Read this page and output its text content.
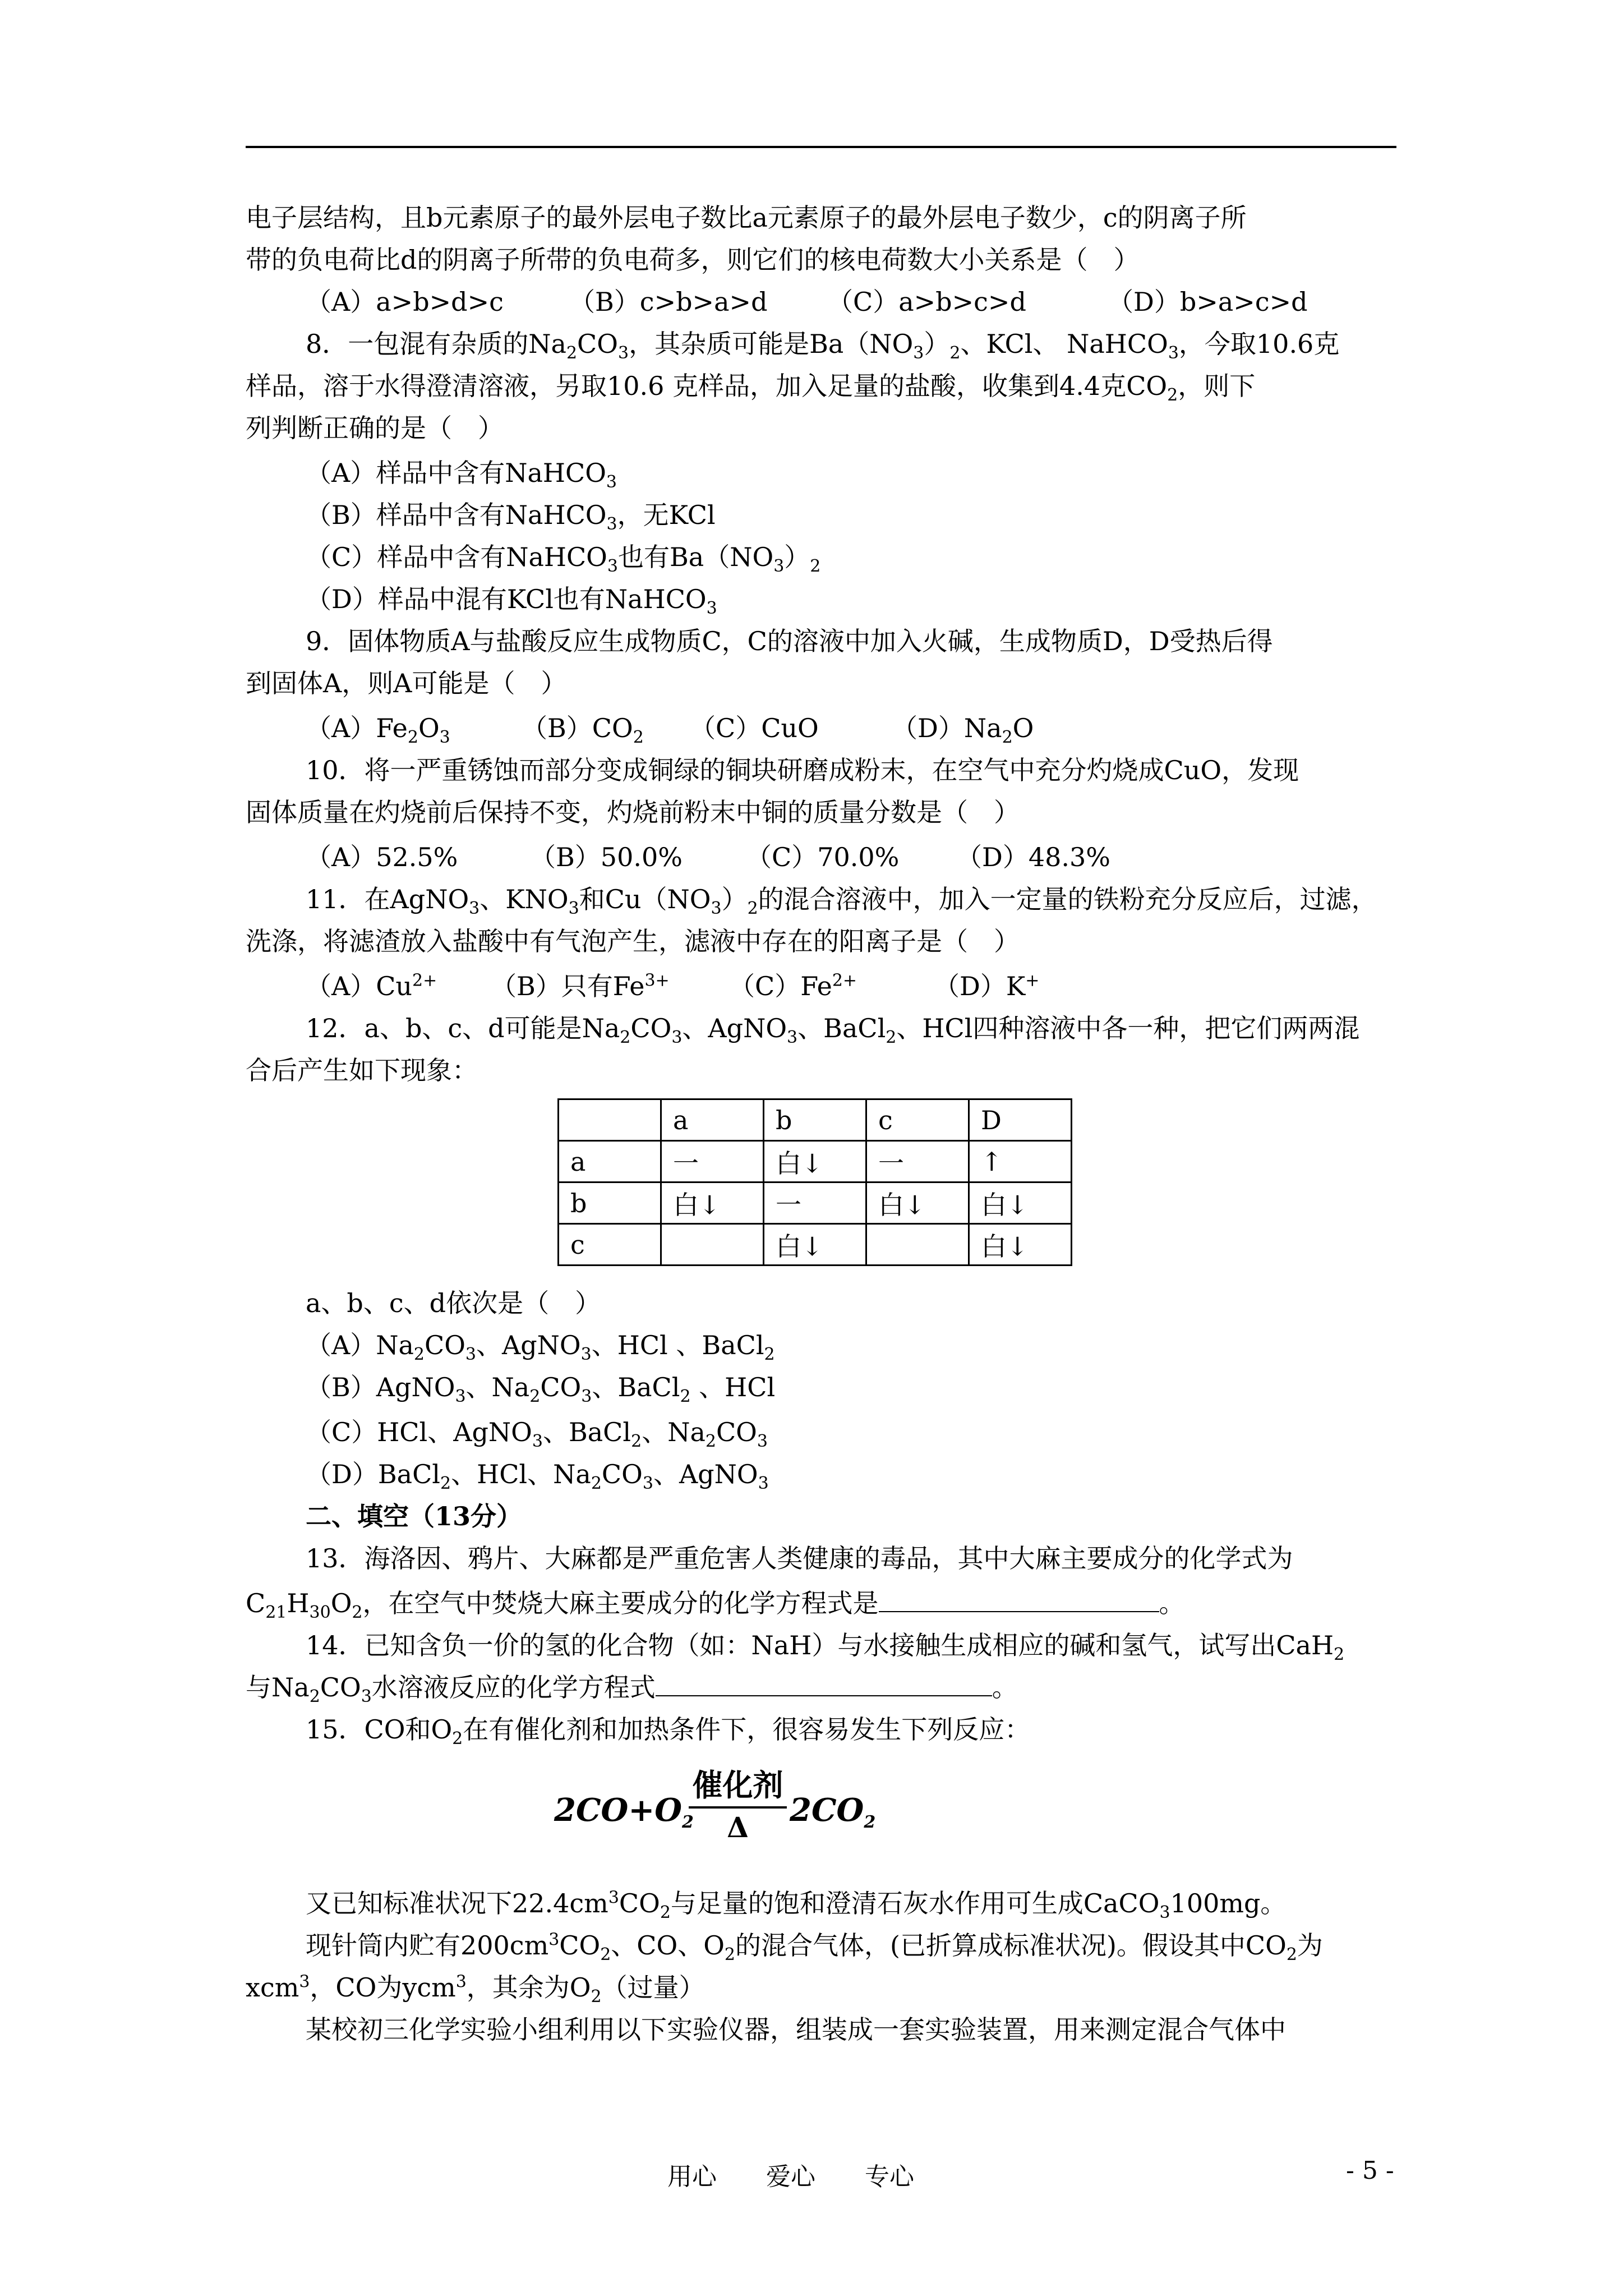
电子层结构，且b元素原子的最外层电子数比a元素原子的最外层电子数少，c的阴离子所
带的负电荷比d的阴离子所带的负电荷多，则它们的核电荷数大小关系是（　）
（A）a>b>d>c	（B）c>b>a>d （C）a>b>c>d	（D）b>a>c>d
8．一包混有杂质的$Na_2CO_3$，其杂质可能是$Ba(NO_3)_2$、KCl、 NaHCO$_3$，今取10.6克
样品，溶于水得澄清溶液，另取10.6 克样品，加入足量的盐酸，收集到4.4克$CO_2$，则下
列判断正确的是（　）
（A）样品中含有NaHCO$_3$
（B）样品中含有NaHCO$_3$，无KCl
（C）样品中含有NaHCO$_3$也有$Ba(NO_3)_2$
（D）样品中混有KCl也有NaHCO$_3$
9．固体物质A与盐酸反应生成物质C，C的溶液中加入火碱，生成物质D，D受热后得
到固体A，则A可能是（　）
$(A)Fe_2O_3$	$(B)CO_2$ （C）CuO	$(D)Na_2O$
10．将一严重锈蚀而部分变成铜绿的铜块研磨成粉末，在空气中充分灼烧成CuO，发现
固体质量在灼烧前后保持不变，灼烧前粉末中铜的质量分数是（　）
（A）52.5%	（B）50.0% （C）70.0% （D）48.3%
11．在AgNO$_3$、$KNO_3$和$Cu(NO_3)_2$的混合溶液中，加入一定量的铁粉充分反应后，过滤，
洗涤，将滤渣放入盐酸中有气泡产生，滤液中存在的阳离子是（　）
$(A)Cu^{2+}$ （B）只有$Fe^{3+}$ $(C)Fe^{2+}$	（D）K+
12．a、b、c、d可能是$Na_2CO_3$、AgNO$_3$、BaCl$_2$、HCl四种溶液中各一种，把它们两两混
合后产生如下现象：
	a	b	c	D
a	一	白↓	一	↑
b	白↓	一	白↓	白↓
c		白↓		白↓
a、b、c、d依次是（　）
$(A)Na_2CO_3$、AgNO$_3$、HCl 、BaCl$_2$
（B）AgNO$_3$、$Na_2CO_3$、BaCl$_2$ 、HCl
（C）HCl、AgNO$_3$、BaCl$_2$、$Na_2CO_3$
（D）BaCl$_2$、HCl、$Na_2CO_3$、AgNO$_3$
二、填空（13分）
13．海洛因、鸦片、大麻都是严重危害人类健康的毒品，其中大麻主要成分的化学式为
$C_{21}H_{30}O_2$，在空气中焚烧大麻主要成分的化学方程式是	。
14．已知含负一价的氢的化合物（如：NaH）与水接触生成相应的碱和氢气，试写出CaH$_2$
与$Na_2CO_3$水溶液反应的化学方程式	。
15．CO和$O_2$在有催化剂和加热条件下，很容易发生下列反应：
$2CO+O_2$
催化剂
Δ	$2CO_2$
又已知标准状况下$22.4cm^3CO_2$与足量的饱和澄清石灰水作用可生成CaCO$_3$100mg。
现针筒内贮有$200cm^3CO_2$、CO、$O_2$的混合气体，(已折算成标准状况)。假设其中$CO_2$为
xcm$^3$，CO为ycm$^3$，其余为$O_2$（过量）
某校初三化学实验小组利用以下实验仪器，组装成一套实验装置，用来测定混合气体中
用心　　爱心　　专心	- 5 -
